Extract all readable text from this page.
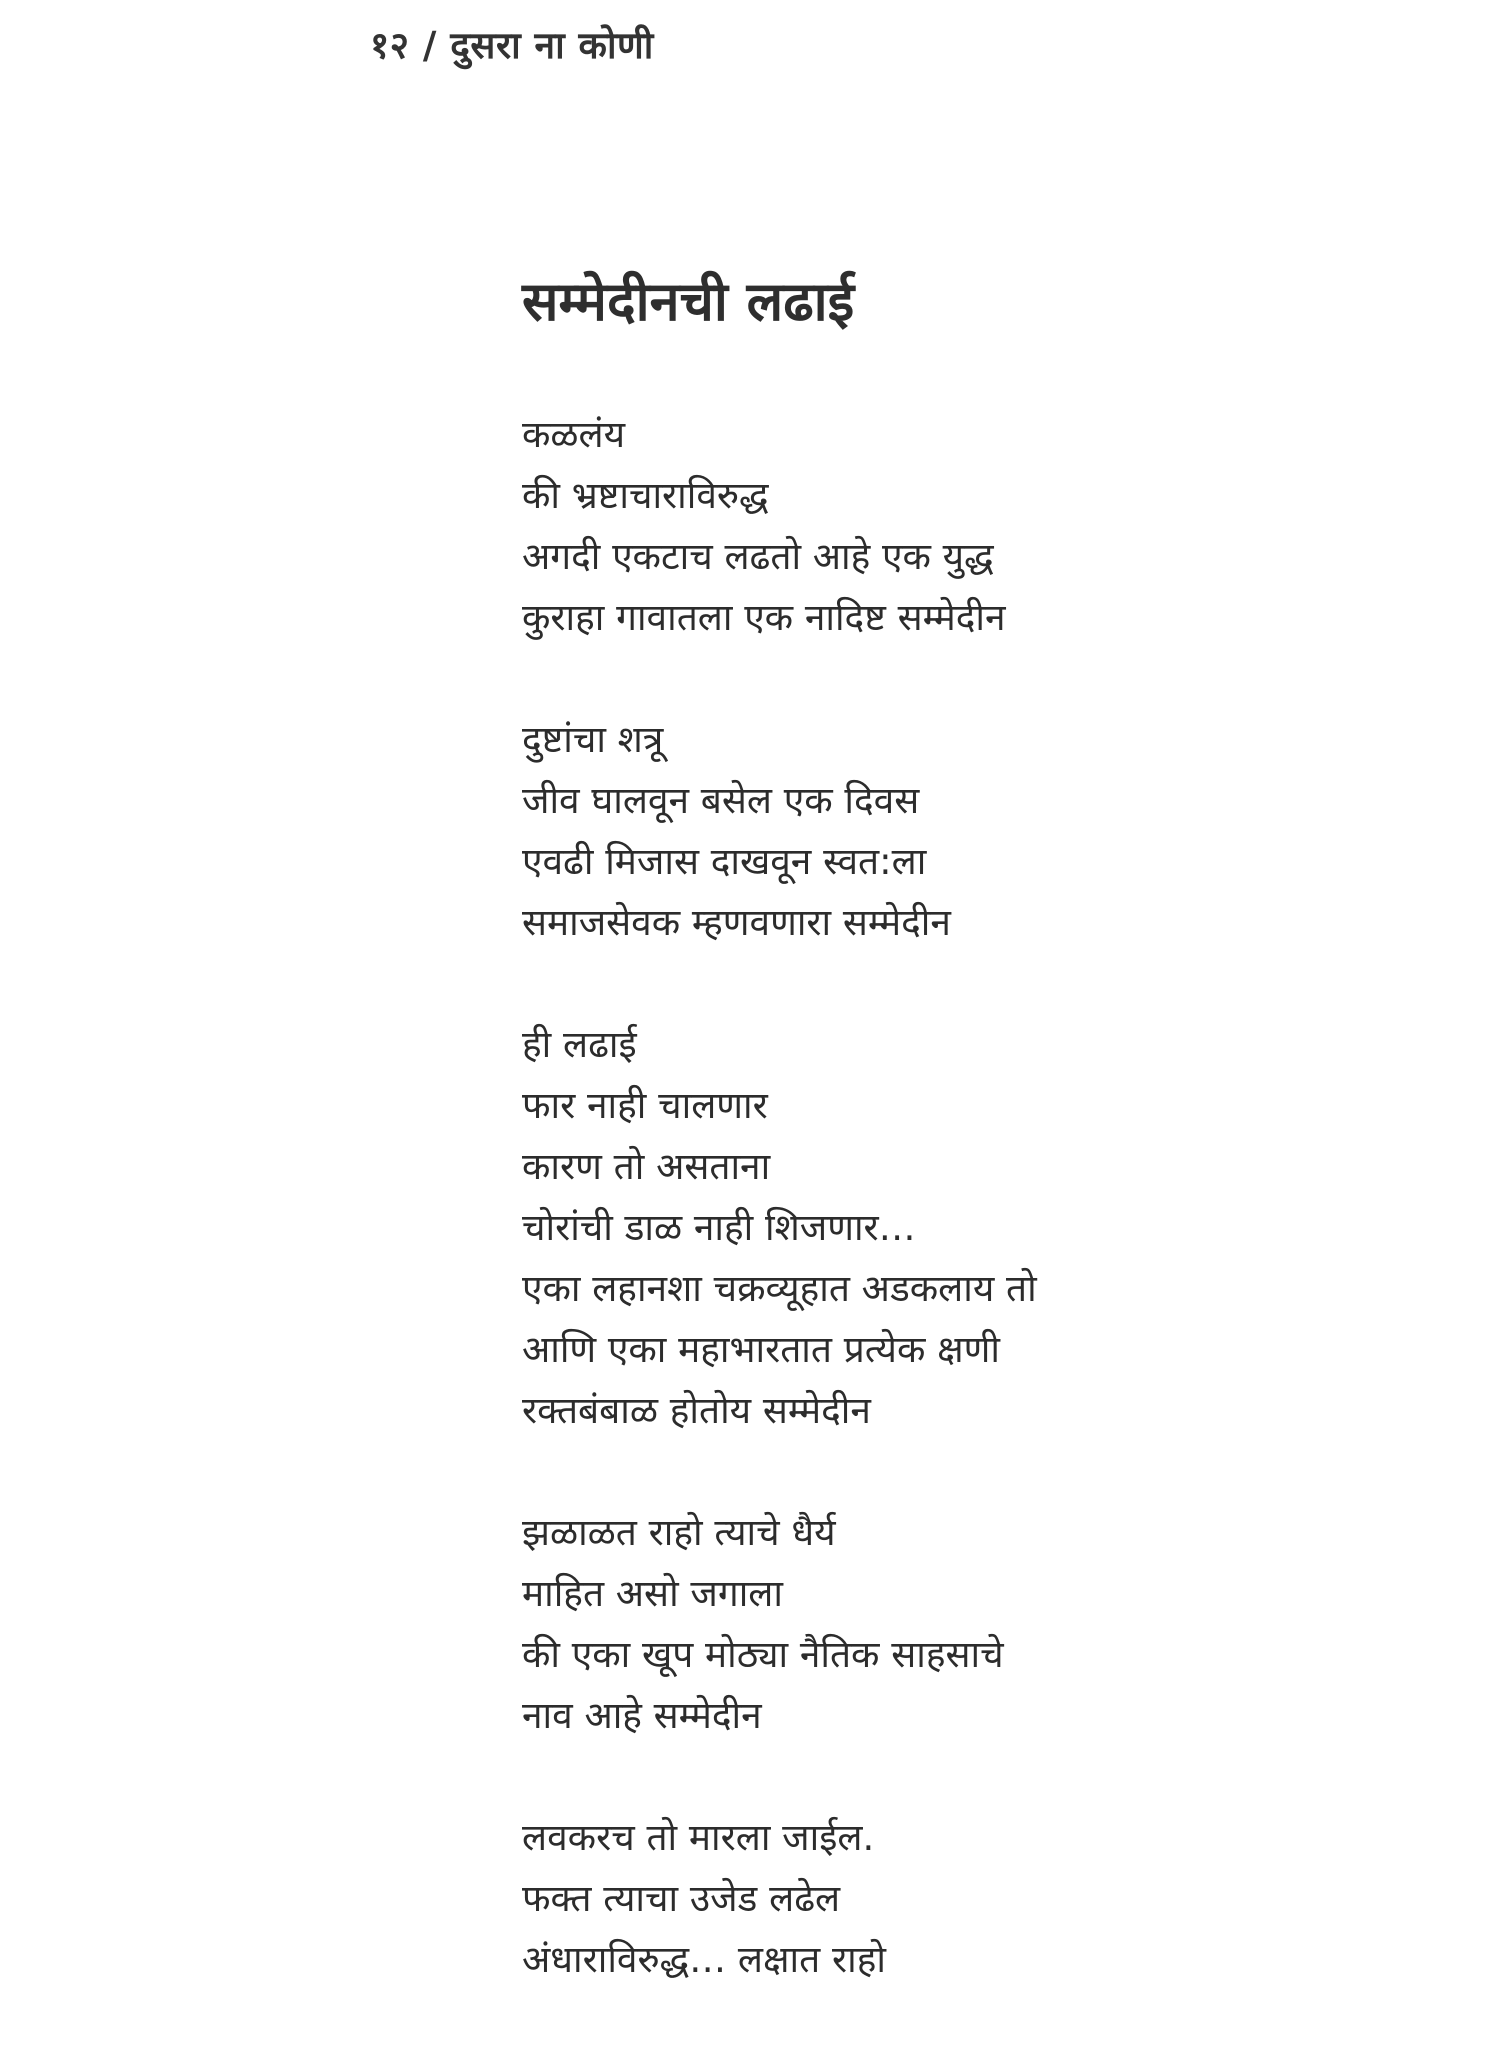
१२ / दुसरा ना कोणी
सम्मेदीनची लढाई
कळलंय
की भ्रष्टाचाराविरुद्ध
अगदी एकटाच लढतो आहे एक युद्ध
कुराहा गावातला एक नादिष्ट सम्मेदीन
दुष्टांचा शत्रू
जीव घालवून बसेल एक दिवस
एवढी मिजास दाखवून स्वत:ला
समाजसेवक म्हणवणारा सम्मेदीन
ही लढाई
फार नाही चालणार
कारण तो असताना
चोरांची डाळ नाही शिजणार…
एका लहानशा चक्रव्यूहात अडकलाय तो
आणि एका महाभारतात प्रत्येक क्षणी
रक्तबंबाळ होतोय सम्मेदीन
झळाळत राहो त्याचे धैर्य
माहित असो जगाला
की एका खूप मोठ्या नैतिक साहसाचे
नाव आहे सम्मेदीन
लवकरच तो मारला जाईल.
फक्त त्याचा उजेड लढेल
अंधाराविरुद्ध… लक्षात राहो
